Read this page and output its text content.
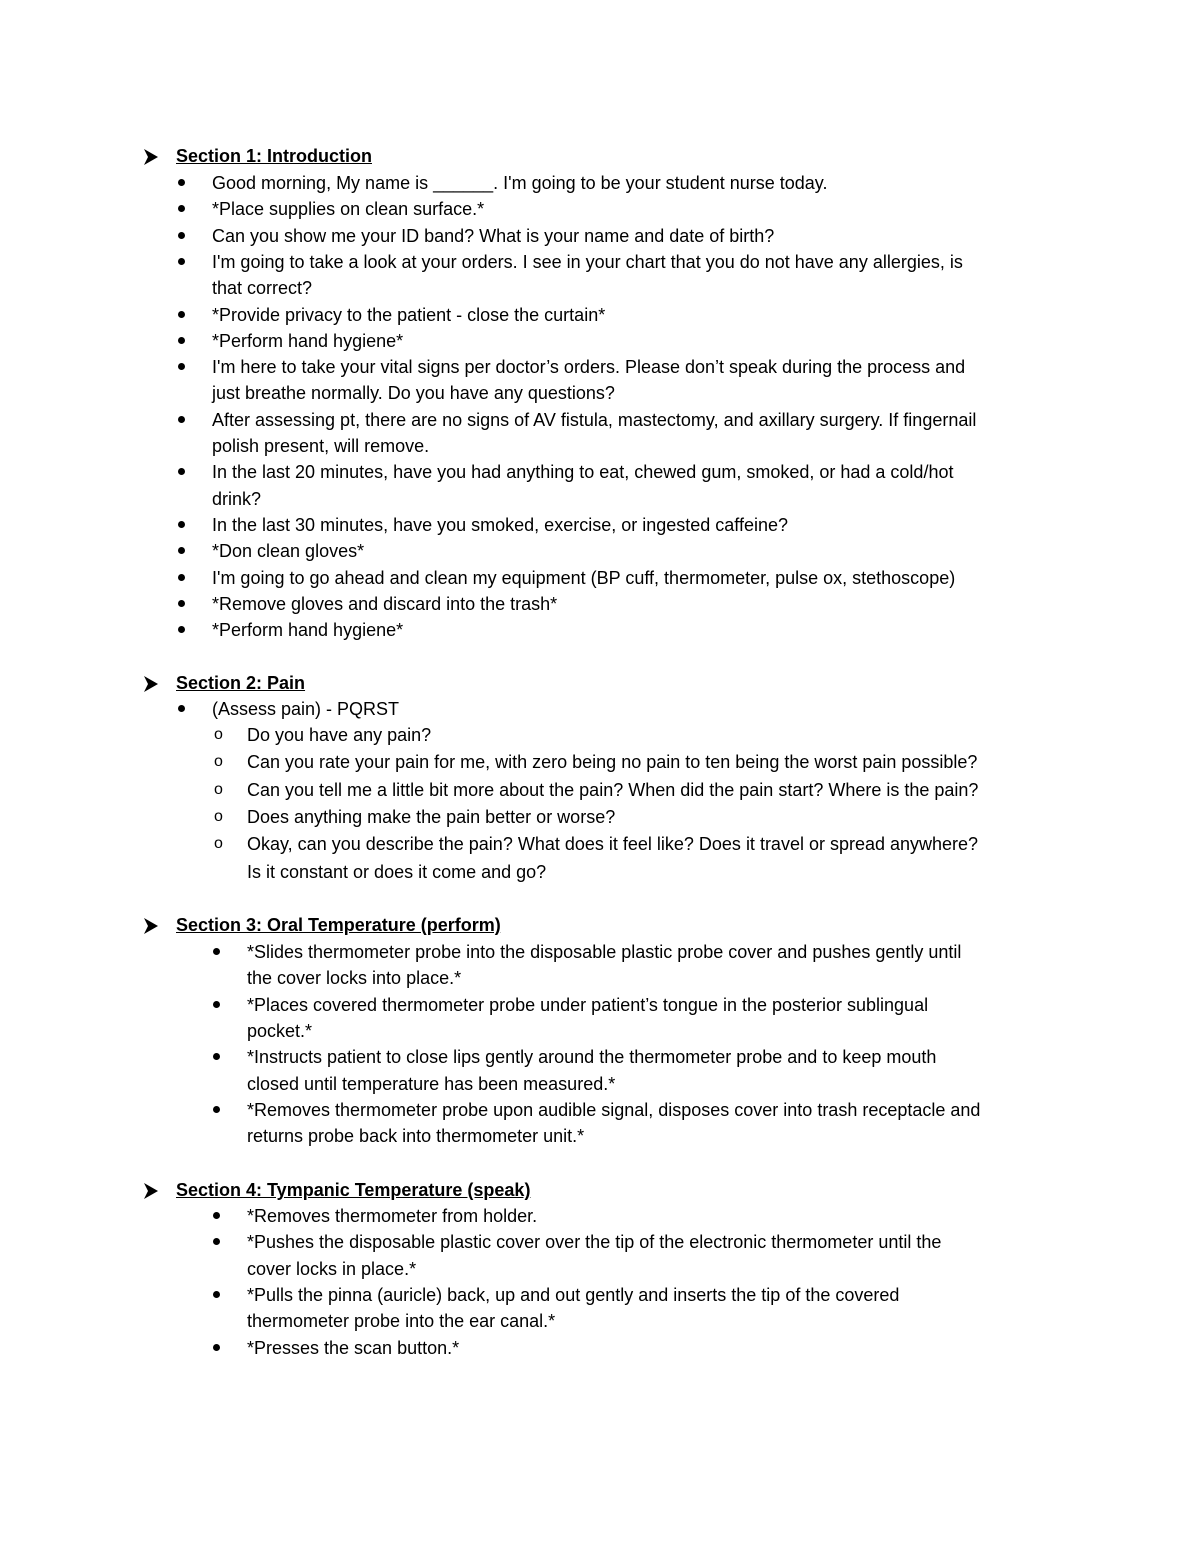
Section 1: Introduction
Good morning, My name is ______. I'm going to be your student nurse today.
*Place supplies on clean surface.*
Can you show me your ID band? What is your name and date of birth?
I'm going to take a look at your orders. I see in your chart that you do not have any allergies, is
that correct?
*Provide privacy to the patient - close the curtain*
*Perform hand hygiene*
I'm here to take your vital signs per doctor’s orders. Please don’t speak during the process and
just breathe normally. Do you have any questions?
After assessing pt, there are no signs of AV fistula, mastectomy, and axillary surgery. If fingernail
polish present, will remove.
In the last 20 minutes, have you had anything to eat, chewed gum, smoked, or had a cold/hot
drink?
In the last 30 minutes, have you smoked, exercise, or ingested caffeine?
*Don clean gloves*
I'm going to go ahead and clean my equipment (BP cuff, thermometer, pulse ox, stethoscope)
*Remove gloves and discard into the trash*
*Perform hand hygiene*
Section 2: Pain
(Assess pain) - PQRST
o Do you have any pain?
o Can you rate your pain for me, with zero being no pain to ten being the worst pain possible?
o Can you tell me a little bit more about the pain? When did the pain start? Where is the pain?
o Does anything make the pain better or worse?
o Okay, can you describe the pain? What does it feel like? Does it travel or spread anywhere?
Is it constant or does it come and go?
Section 3: Oral Temperature (perform)
*Slides thermometer probe into the disposable plastic probe cover and pushes gently until
the cover locks into place.*
*Places covered thermometer probe under patient’s tongue in the posterior sublingual
pocket.*
*Instructs patient to close lips gently around the thermometer probe and to keep mouth
closed until temperature has been measured.*
*Removes thermometer probe upon audible signal, disposes cover into trash receptacle and
returns probe back into thermometer unit.*
Section 4: Tympanic Temperature (speak)
*Removes thermometer from holder.
*Pushes the disposable plastic cover over the tip of the electronic thermometer until the
cover locks in place.*
*Pulls the pinna (auricle) back, up and out gently and inserts the tip of the covered
thermometer probe into the ear canal.*
*Presses the scan button.*
